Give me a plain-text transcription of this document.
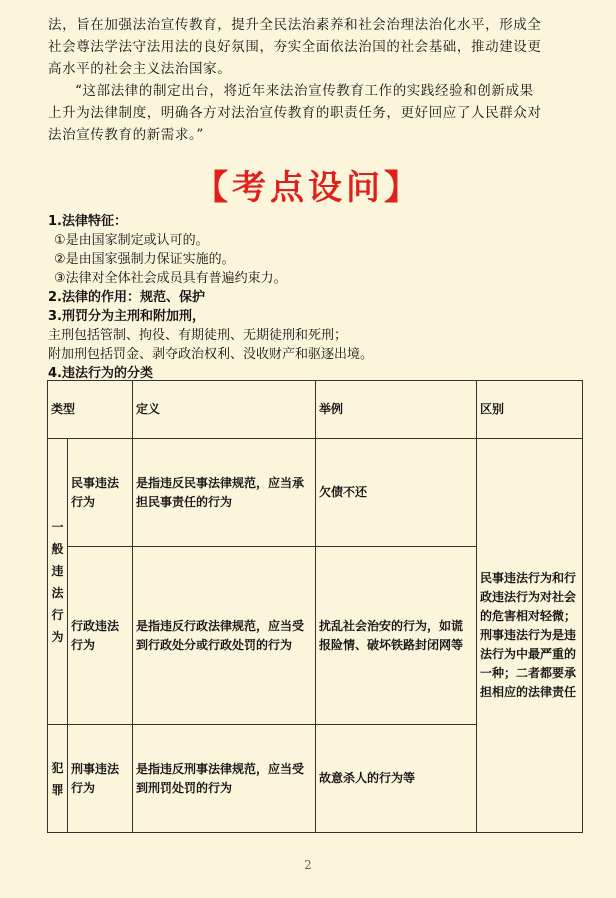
法，旨在加强法治宣传教育，提升全民法治素养和社会治理法治化水平，形成全

社会尊法学法守法用法的良好氛围，夯实全面依法治国的社会基础，推动建设更

高水平的社会主义法治国家。

“这部法律的制定出台，将近年来法治宣传教育工作的实践经验和创新成果

上升为法律制度，明确各方对法治宣传教育的职责任务，更好回应了人民群众对

法治宣传教育的新需求。”

【考点设问】
1.法律特征：
①是由国家制定或认可的。
②是由国家强制力保证实施的。
③法律对全体社会成员具有普遍约束力。
2.法律的作用：规范、保护
3.刑罚分为主刑和附加刑，
主刑包括管制、拘役、有期徒刑、无期徒刑和死刑；
附加刑包括罚金、剥夺政治权利、没收财产和驱逐出境。
4.违法行为的分类
类型		定义	举例	区别
一般违法行为	民事违法行为	是指违反民事法律规范，应当承担民事责任的行为	欠债不还	民事违法行为和行政违法行为对社会的危害相对轻微；刑事违法行为是违法行为中最严重的一种；二者都要承担相应的法律责任
	行政违法行为	是指违反行政法律规范，应当受到行政处分或行政处罚的行为	扰乱社会治安的行为，如谎报险情、破坏铁路封闭网等	
犯罪	刑事违法行为	是指违反刑事法律规范，应当受到刑罚处罚的行为	故意杀人的行为等	
2
